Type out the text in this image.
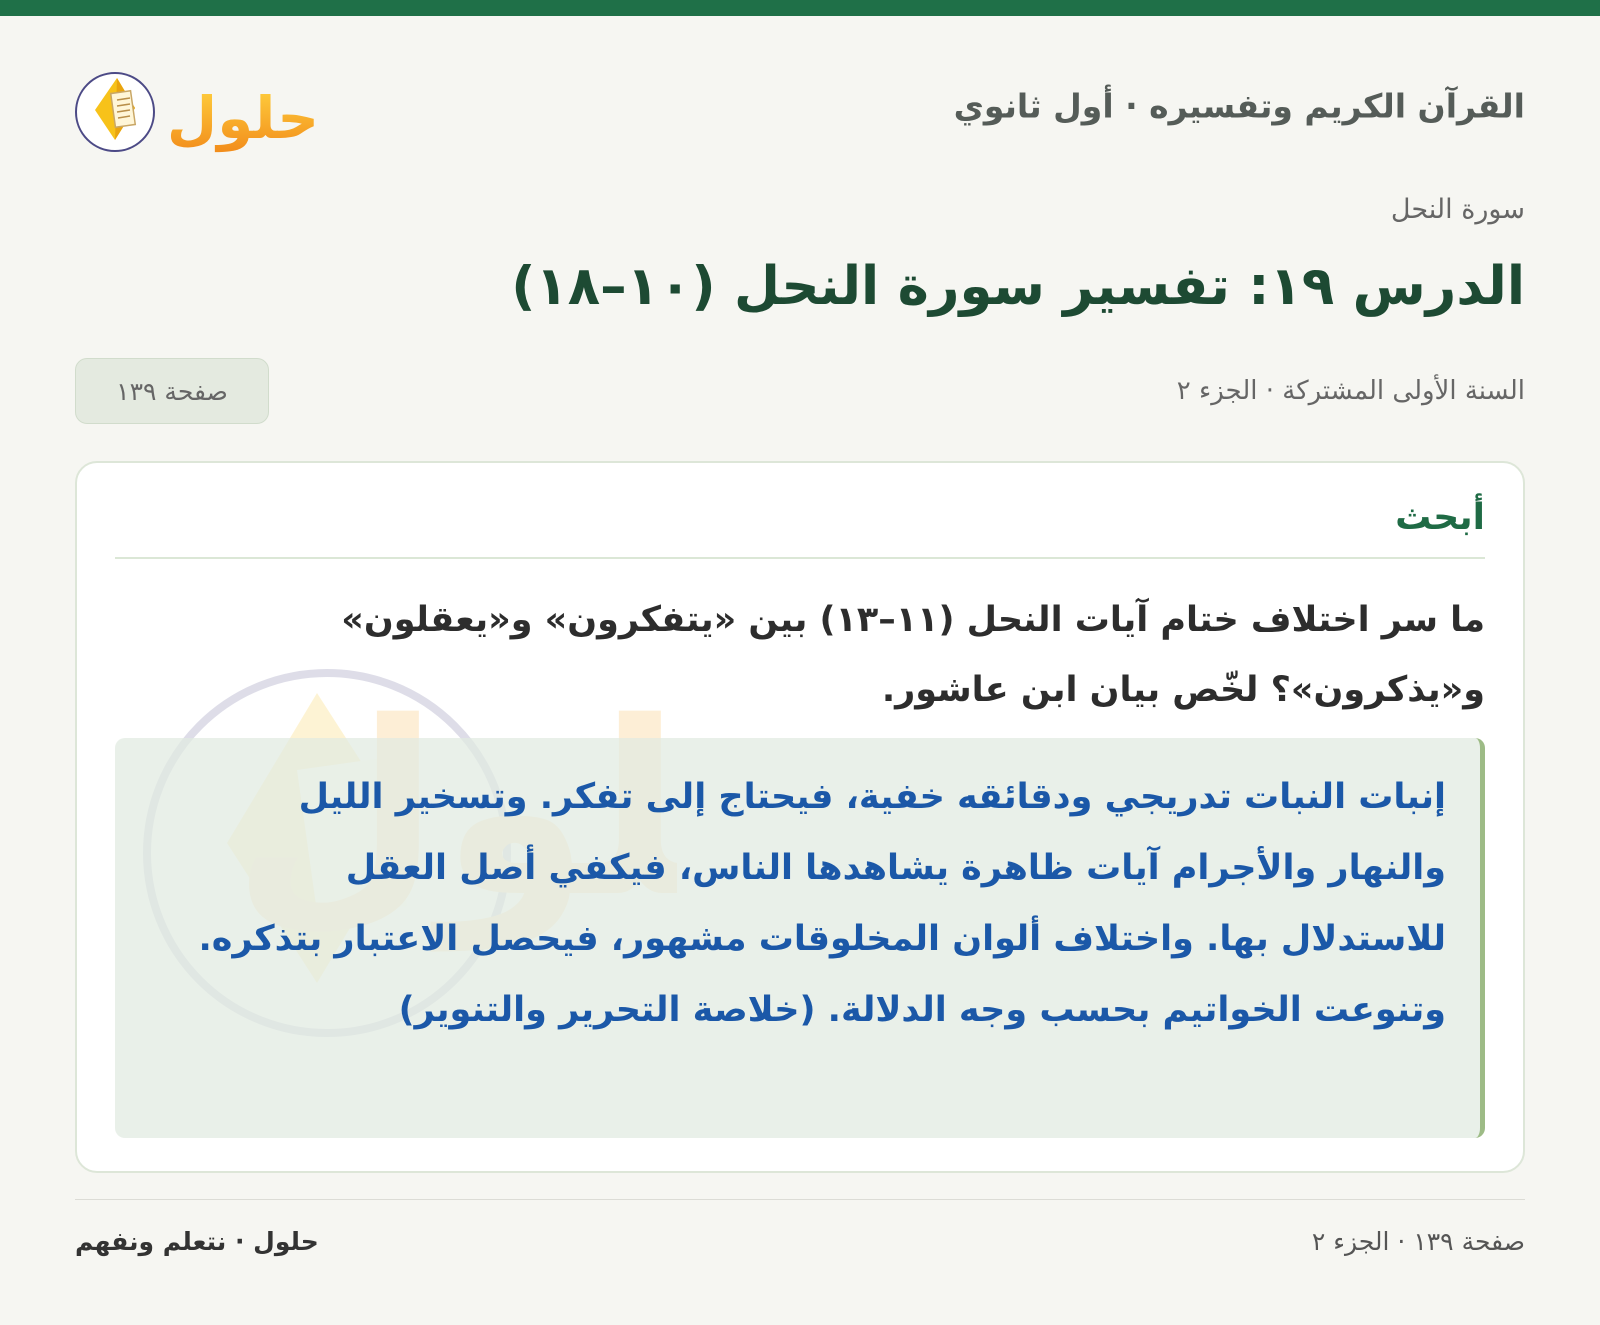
القرآن الكريم وتفسيره · أول ثانوي
حلول
سورة النحل
الدرس ١٩: تفسير سورة النحل (١٠–١٨)
السنة الأولى المشتركة · الجزء ٢
صفحة ١٣٩
أبحث

ما سر اختلاف ختام آيات النحل (١١–١٣) بين «يتفكرون» و«يعقلون» و«يذكرون»؟ لخّص بيان ابن عاشور.

إنبات النبات تدريجي ودقائقه خفية، فيحتاج إلى تفكر. وتسخير الليل والنهار والأجرام آيات ظاهرة يشاهدها الناس، فيكفي أصل العقل للاستدلال بها. واختلاف ألوان المخلوقات مشهور، فيحصل الاعتبار بتذكره. وتنوعت الخواتيم بحسب وجه الدلالة. (خلاصة التحرير والتنوير)

صفحة ١٣٩ · الجزء ٢
حلول · نتعلم ونفهم
